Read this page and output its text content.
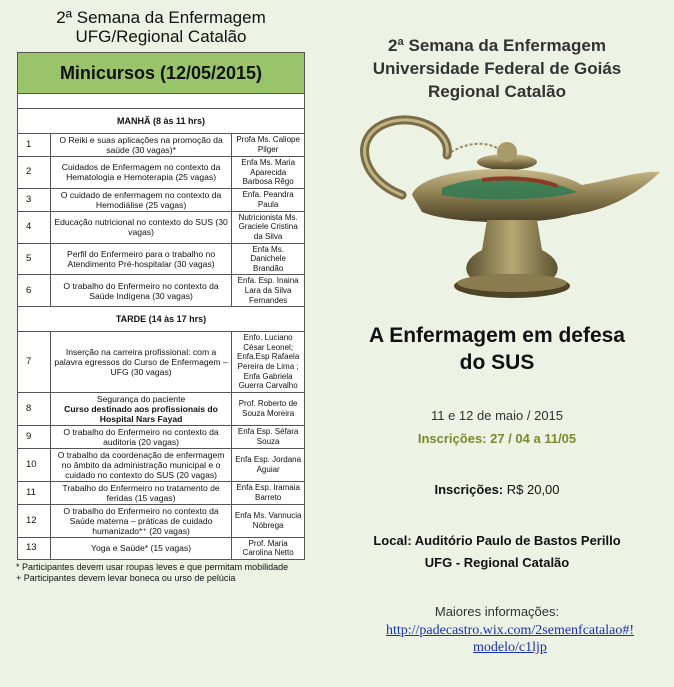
2ª Semana da Enfermagem
UFG/Regional Catalão
Minicursos (12/05/2015)		

MANHÃ (8 às 11 hrs)		
1	O Reiki e suas aplicações na promoção da saúde (30 vagas)*	Profa Ms. Caliope Pilger
2	Cuidados de Enfermagem no contexto da Hematologia e Hemoterapia (25 vagas)	Enfa Ms. Maria Aparecida Barbosa Rêgo
3	O cuidado de enfermagem no contexto da Hemodiálise (25 vagas)	Enfa. Peandra Paula
4	Educação nutricional no contexto do SUS (30 vagas)	Nutricionista Ms. Graciele Cristina da Silva
5	Perfil do Enfermeiro para o trabalho no Atendimento Pré-hospitalar (30 vagas)	Enfa Ms. Danichele Brandão
6	O trabalho do Enfermeiro no contexto da Saúde Indígena (30 vagas)	Enfa. Esp. Inaina Lara da Silva Fernandes
TARDE (14 às 17 hrs)		
7	Inserção na carreira profissional: com a palavra egressos do Curso de Enfermagem – UFG (30 vagas)	Enfo. Luciano César Leonel; Enfa.Esp Rafaela Pereira de Lima ; Enfa Gabriela Guerra Carvalho
8	Segurança do paciente
Curso destinado aos profissionais do Hospital Nars Fayad	Prof. Roberto de Souza Moreira
9	O trabalho do Enfermeiro no contexto da auditoria (20 vagas)	Enfa Esp. Séfara Souza
10	O trabalho da coordenação de enfermagem no âmbito da administração municipal e o cuidado no contexto do SUS (20 vagas)	Enfa Esp. Jordana Aguiar
11	Trabalho do Enfermeiro no tratamento de feridas (15 vagas)	Enfa Esp. Iramaia Barreto
12	O trabalho do Enfermeiro no contexto da Saúde materna – práticas de cuidado humanizado*⁺ (20 vagas)	Enfa Ms. Vannucia Nóbrega
13	Yoga e Saúde* (15 vagas)	Prof. Maria Carolina Netto
* Participantes devem usar roupas leves e que permitam mobilidade
+ Participantes devem levar boneca ou urso de pelúcia
2ª Semana da Enfermagem
Universidade Federal de Goiás
Regional Catalão
A Enfermagem em defesa
do SUS
11 e 12 de maio / 2015
Inscrições: 27 / 04 a 11/05
Inscrições: R$ 20,00
Local: Auditório Paulo de Bastos Perillo
UFG - Regional Catalão
Maiores informações:
http://padecastro.wix.com/2semenfcatalao#!
modelo/c1ljp
